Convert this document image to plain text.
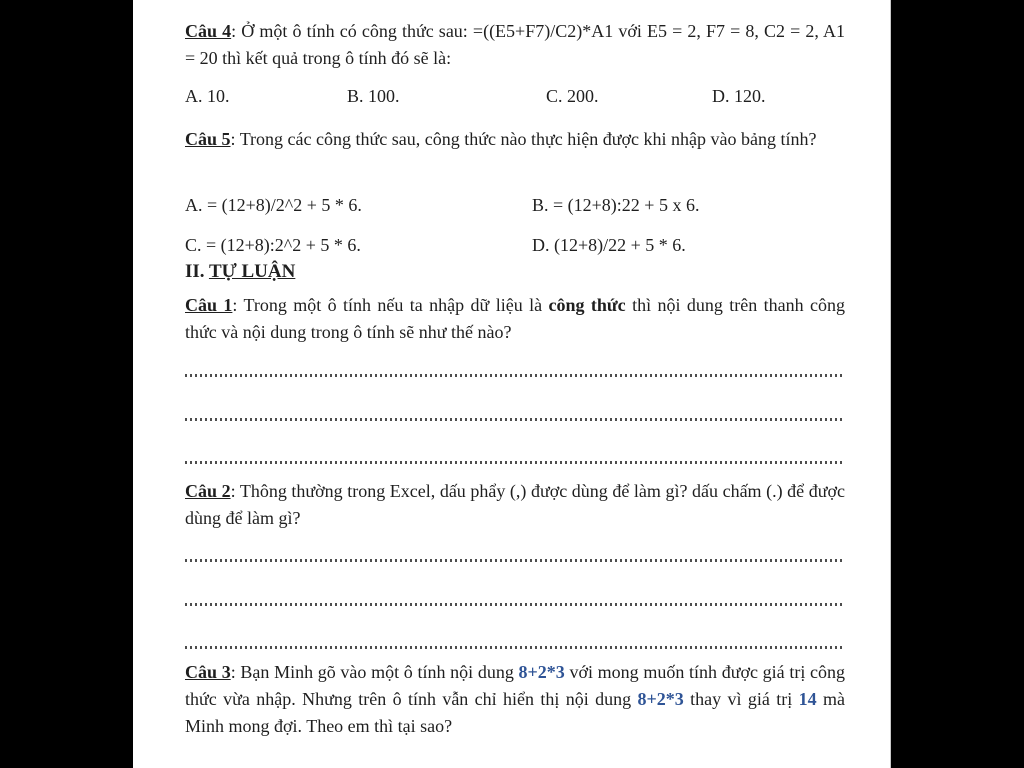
Câu 4: Ở một ô tính có công thức sau: =((E5+F7)/C2)*A1 với E5 = 2, F7 = 8, C2 = 2, A1 = 20 thì kết quả trong ô tính đó sẽ là:

A. 10.	B. 100.	C. 200.	D. 120.

Câu 5: Trong các công thức sau, công thức nào thực hiện được khi nhập vào bảng tính?

A. = (12+8)/2^2 + 5 * 6.	B. = (12+8):22 + 5 x 6.
C. = (12+8):2^2 + 5 * 6.	D. (12+8)/22 + 5 * 6.

II. TỰ LUẬN

Câu 1: Trong một ô tính nếu ta nhập dữ liệu là công thức thì nội dung trên thanh công thức và nội dung trong ô tính sẽ như thế nào?

Câu 2: Thông thường trong Excel, dấu phẩy (,) được dùng để làm gì? dấu chấm (.) để được dùng để làm gì?

Câu 3: Bạn Minh gõ vào một ô tính nội dung 8+2*3 với mong muốn tính được giá trị công thức vừa nhập. Nhưng trên ô tính vẫn chỉ hiển thị nội dung 8+2*3 thay vì giá trị 14 mà Minh mong đợi. Theo em thì tại sao?
